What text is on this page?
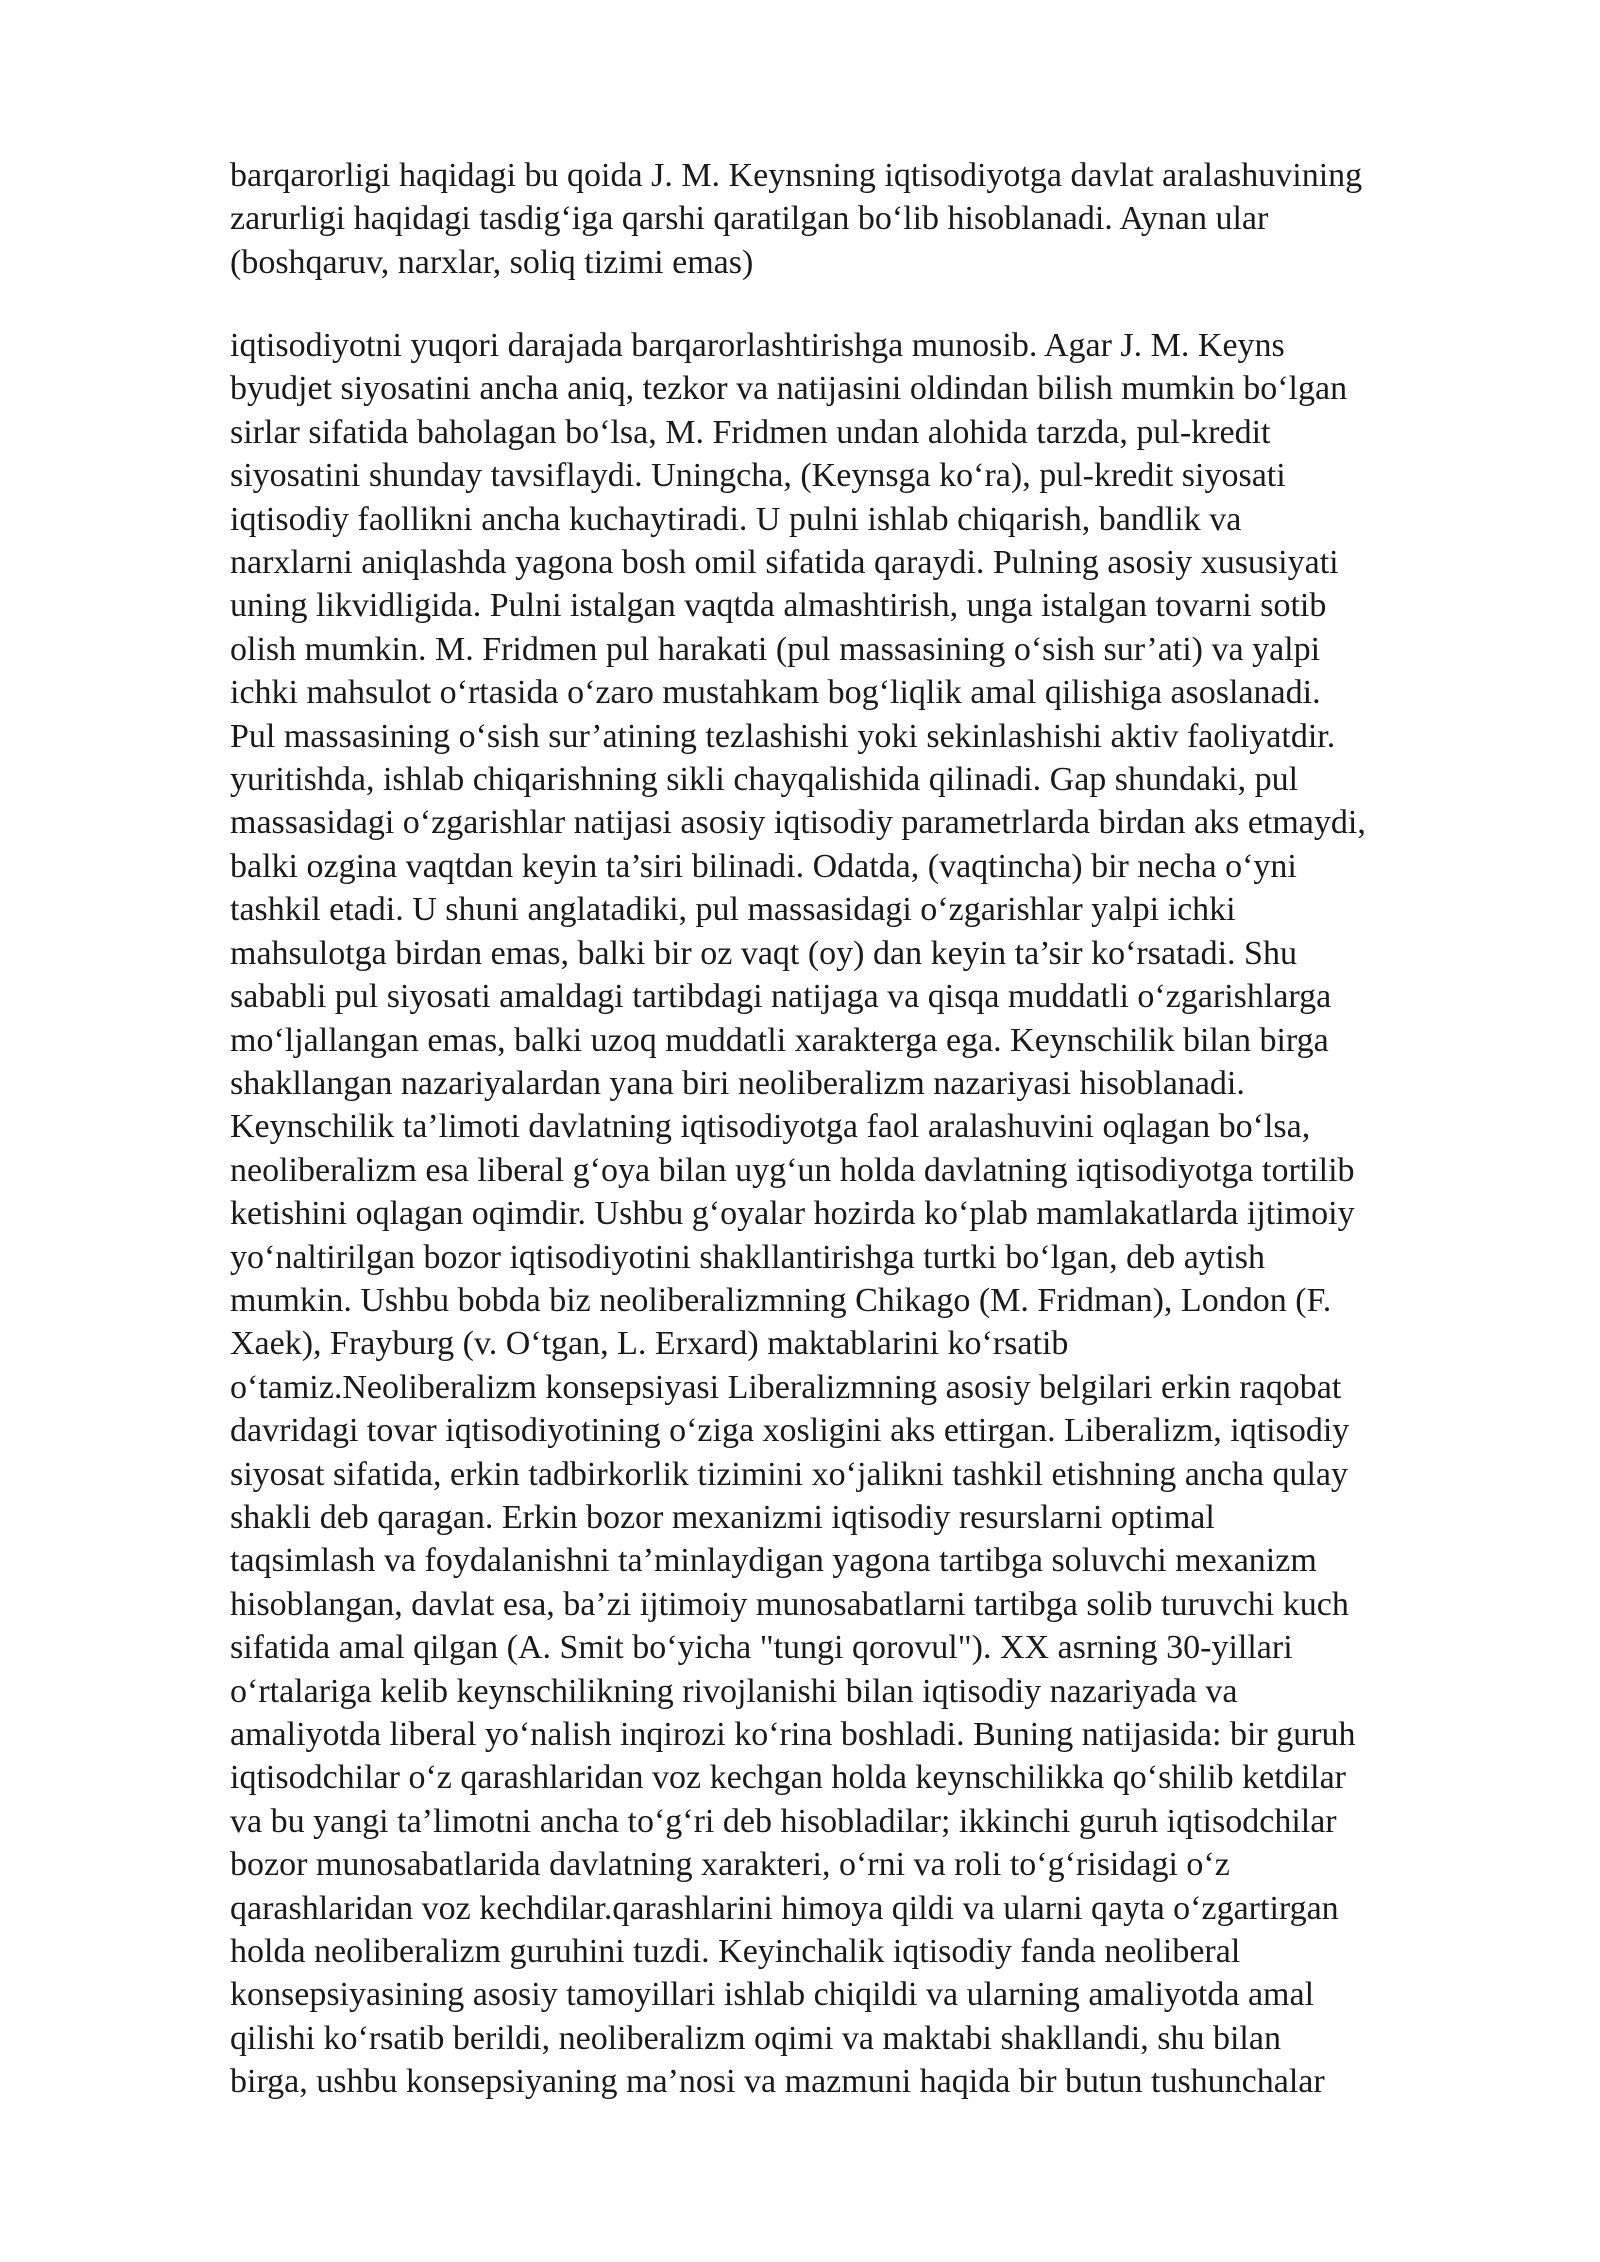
barqarorligi haqidagi bu qoida J. M. Keynsning iqtisodiyotga davlat aralashuvining
zarurligi haqidagi tasdig‘iga qarshi qaratilgan bo‘lib hisoblanadi. Aynan ular
(boshqaruv, narxlar, soliq tizimi emas)
iqtisodiyotni yuqori darajada barqarorlashtirishga munosib. Agar J. M. Keyns
byudjet siyosatini ancha aniq, tezkor va natijasini oldindan bilish mumkin bo‘lgan
sirlar sifatida baholagan bo‘lsa, M. Fridmen undan alohida tarzda, pul-kredit
siyosatini shunday tavsiflaydi. Uningcha, (Keynsga ko‘ra), pul-kredit siyosati
iqtisodiy faollikni ancha kuchaytiradi. U pulni ishlab chiqarish, bandlik va
narxlarni aniqlashda yagona bosh omil sifatida qaraydi. Pulning asosiy xususiyati
uning likvidligida. Pulni istalgan vaqtda almashtirish, unga istalgan tovarni sotib
olish mumkin. M. Fridmen pul harakati (pul massasining o‘sish sur’ati) va yalpi
ichki mahsulot o‘rtasida o‘zaro mustahkam bog‘liqlik amal qilishiga asoslanadi.
Pul massasining o‘sish sur’atining tezlashishi yoki sekinlashishi aktiv faoliyatdir.
yuritishda, ishlab chiqarishning sikli chayqalishida qilinadi. Gap shundaki, pul
massasidagi o‘zgarishlar natijasi asosiy iqtisodiy parametrlarda birdan aks etmaydi,
balki ozgina vaqtdan keyin ta’siri bilinadi. Odatda, (vaqtincha) bir necha o‘yni
tashkil etadi. U shuni anglatadiki, pul massasidagi o‘zgarishlar yalpi ichki
mahsulotga birdan emas, balki bir oz vaqt (oy) dan keyin ta’sir ko‘rsatadi. Shu
sababli pul siyosati amaldagi tartibdagi natijaga va qisqa muddatli o‘zgarishlarga
mo‘ljallangan emas, balki uzoq muddatli xarakterga ega. Keynschilik bilan birga
shakllangan nazariyalardan yana biri neoliberalizm nazariyasi hisoblanadi.
Keynschilik ta’limoti davlatning iqtisodiyotga faol aralashuvini oqlagan bo‘lsa,
neoliberalizm esa liberal g‘oya bilan uyg‘un holda davlatning iqtisodiyotga tortilib
ketishini oqlagan oqimdir. Ushbu g‘oyalar hozirda ko‘plab mamlakatlarda ijtimoiy
yo‘naltirilgan bozor iqtisodiyotini shakllantirishga turtki bo‘lgan, deb aytish
mumkin. Ushbu bobda biz neoliberalizmning Chikago (M. Fridman), London (F.
Xaek), Frayburg (v. O‘tgan, L. Erxard) maktablarini ko‘rsatib
o‘tamiz.Neoliberalizm konsepsiyasi Liberalizmning asosiy belgilari erkin raqobat
davridagi tovar iqtisodiyotining o‘ziga xosligini aks ettirgan. Liberalizm, iqtisodiy
siyosat sifatida, erkin tadbirkorlik tizimini xo‘jalikni tashkil etishning ancha qulay
shakli deb qaragan. Erkin bozor mexanizmi iqtisodiy resurslarni optimal
taqsimlash va foydalanishni ta’minlaydigan yagona tartibga soluvchi mexanizm
hisoblangan, davlat esa, ba’zi ijtimoiy munosabatlarni tartibga solib turuvchi kuch
sifatida amal qilgan (A. Smit bo‘yicha "tungi qorovul"). XX asrning 30-yillari
o‘rtalariga kelib keynschilikning rivojlanishi bilan iqtisodiy nazariyada va
amaliyotda liberal yo‘nalish inqirozi ko‘rina boshladi. Buning natijasida: bir guruh
iqtisodchilar o‘z qarashlaridan voz kechgan holda keynschilikka qo‘shilib ketdilar
va bu yangi ta’limotni ancha to‘g‘ri deb hisobladilar; ikkinchi guruh iqtisodchilar
bozor munosabatlarida davlatning xarakteri, o‘rni va roli to‘g‘risidagi o‘z
qarashlaridan voz kechdilar.qarashlarini himoya qildi va ularni qayta o‘zgartirgan
holda neoliberalizm guruhini tuzdi. Keyinchalik iqtisodiy fanda neoliberal
konsepsiyasining asosiy tamoyillari ishlab chiqildi va ularning amaliyotda amal
qilishi ko‘rsatib berildi, neoliberalizm oqimi va maktabi shakllandi, shu bilan
birga, ushbu konsepsiyaning ma’nosi va mazmuni haqida bir butun tushunchalar
